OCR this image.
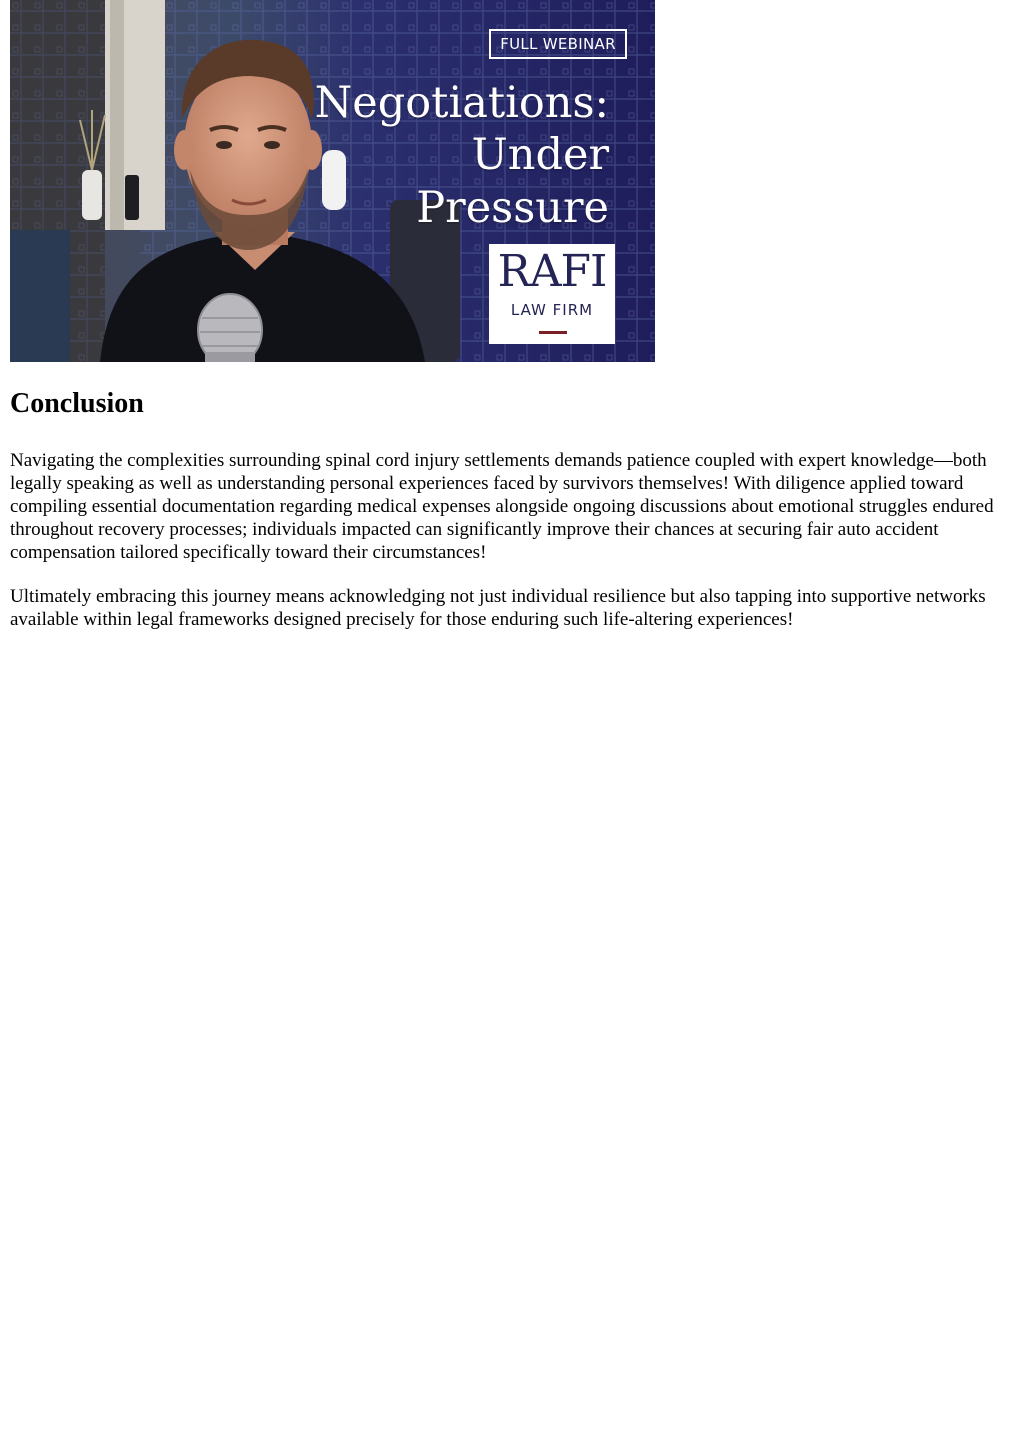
FULL WEBINAR
Negotiations:
Under
Pressure
RAFI
LAW FIRM
Conclusion

Navigating the complexities surrounding spinal cord injury settlements demands patience coupled with expert knowledge—both legally speaking as well as understanding personal experiences faced by survivors themselves! With diligence applied toward compiling essential documentation regarding medical expenses alongside ongoing discussions about emotional struggles endured throughout recovery processes; individuals impacted can significantly improve their chances at securing fair auto accident compensation tailored specifically toward their circumstances!

Ultimately embracing this journey means acknowledging not just individual resilience but also tapping into supportive networks available within legal frameworks designed precisely for those enduring such life-altering experiences!
